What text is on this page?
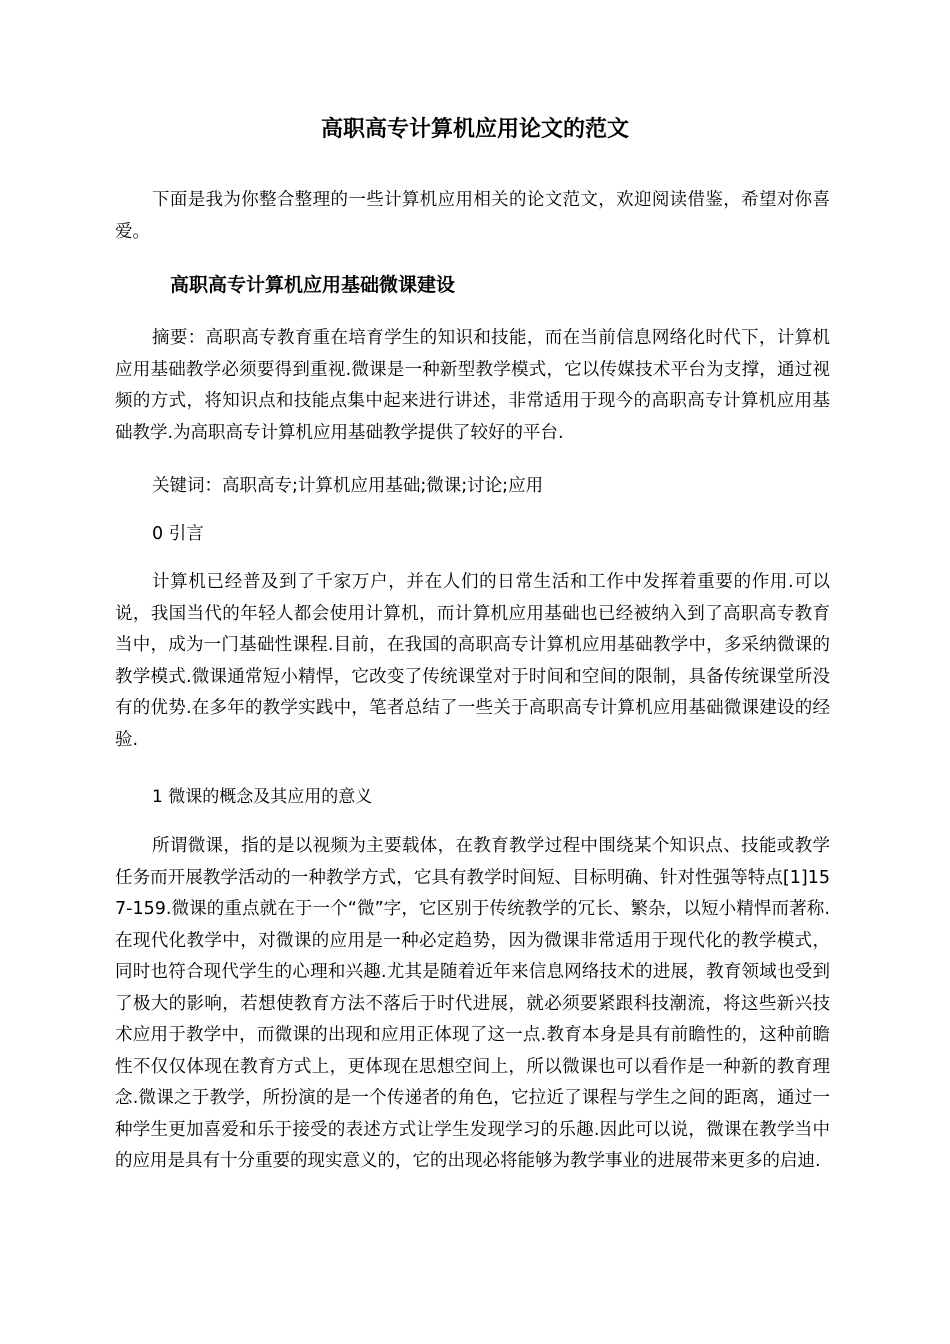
高职高专计算机应用论文的范文

下面是我为你整合整理的一些计算机应用相关的论文范文，欢迎阅读借鉴，希望对你喜爱。

高职高专计算机应用基础微课建设

摘要：高职高专教育重在培育学生的知识和技能，而在当前信息网络化时代下，计算机应用基础教学必须要得到重视.微课是一种新型教学模式，它以传媒技术平台为支撑，通过视频的方式，将知识点和技能点集中起来进行讲述，非常适用于现今的高职高专计算机应用基础教学.为高职高专计算机应用基础教学提供了较好的平台.

关键词：高职高专;计算机应用基础;微课;讨论;应用

0 引言

计算机已经普及到了千家万户，并在人们的日常生活和工作中发挥着重要的作用.可以说，我国当代的年轻人都会使用计算机，而计算机应用基础也已经被纳入到了高职高专教育当中，成为一门基础性课程.目前，在我国的高职高专计算机应用基础教学中，多采纳微课的教学模式.微课通常短小精悍，它改变了传统课堂对于时间和空间的限制，具备传统课堂所没有的优势.在多年的教学实践中，笔者总结了一些关于高职高专计算机应用基础微课建设的经验.

1 微课的概念及其应用的意义

所谓微课，指的是以视频为主要载体，在教育教学过程中围绕某个知识点、技能或教学任务而开展教学活动的一种教学方式，它具有教学时间短、目标明确、针对性强等特点[1]157-159.微课的重点就在于一个“微”字，它区别于传统教学的冗长、繁杂，以短小精悍而著称.在现代化教学中，对微课的应用是一种必定趋势，因为微课非常适用于现代化的教学模式，同时也符合现代学生的心理和兴趣.尤其是随着近年来信息网络技术的进展，教育领域也受到了极大的影响，若想使教育方法不落后于时代进展，就必须要紧跟科技潮流，将这些新兴技术应用于教学中，而微课的出现和应用正体现了这一点.教育本身是具有前瞻性的，这种前瞻性不仅仅体现在教育方式上，更体现在思想空间上，所以微课也可以看作是一种新的教育理念.微课之于教学，所扮演的是一个传递者的角色，它拉近了课程与学生之间的距离，通过一种学生更加喜爱和乐于接受的表述方式让学生发现学习的乐趣.因此可以说，微课在教学当中的应用是具有十分重要的现实意义的，它的出现必将能够为教学事业的进展带来更多的启迪.
